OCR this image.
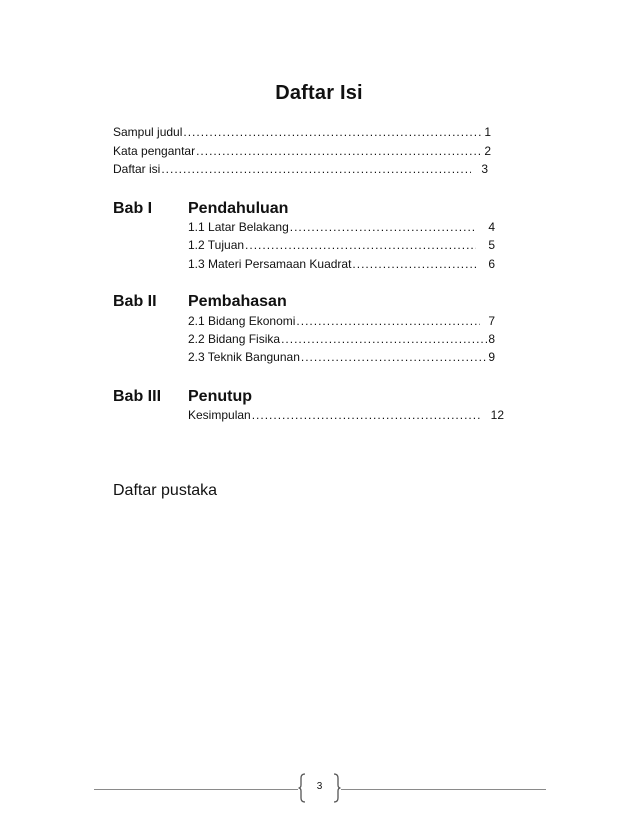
Daftar Isi
Sampul judul .....	1
Kata pengantar .....	2
Daftar isi .....	3
Bab I Pendahuluan
1.1 Latar Belakang .....	4
1.2 Tujuan .....	5
1.3 Materi Persamaan Kuadrat .....	6
Bab II Pembahasan
2.1 Bidang Ekonomi .....	7
2.2 Bidang Fisika .....	8
2.3 Teknik Bangunan .....	9
Bab III Penutup
Kesimpulan .....	12
Daftar pustaka
3
